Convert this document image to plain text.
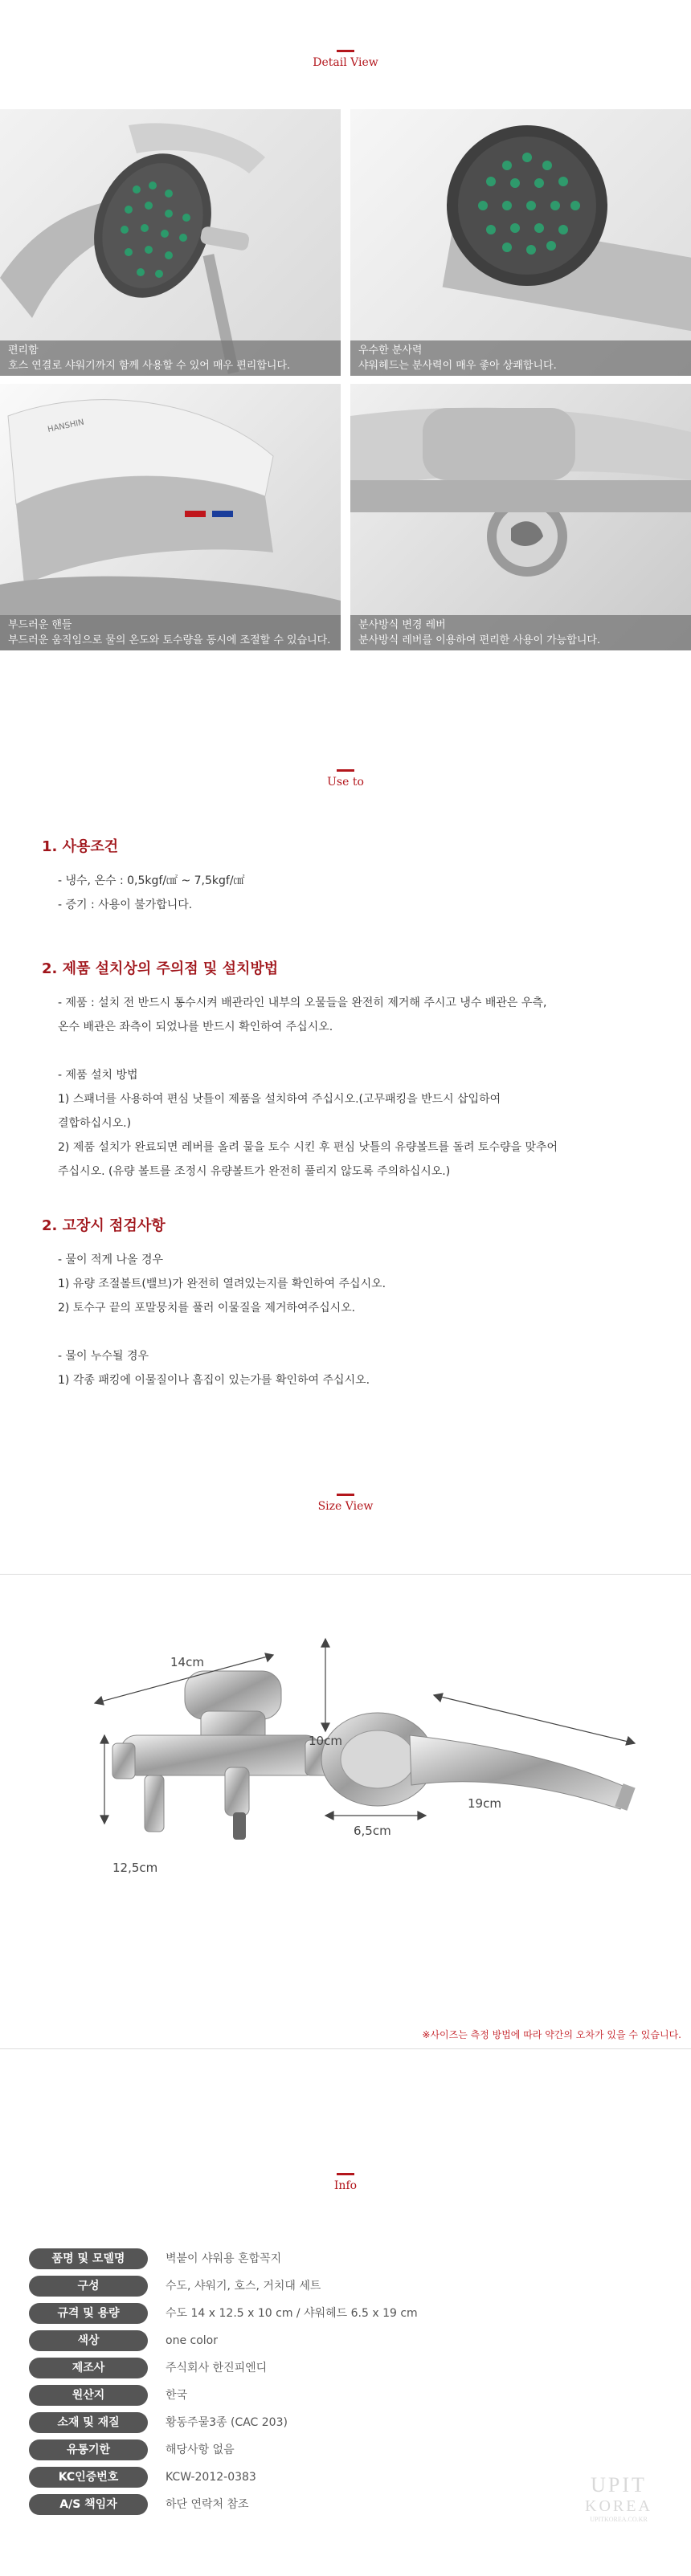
Detail View
편리함
호스 연결로 샤워기까지 함께 사용할 수 있어 매우 편리합니다.
우수한 분사력
샤워헤드는 분사력이 매우 좋아 상쾌합니다.
HANSHIN
부드러운 핸들
부드러운 움직임으로 물의 온도와 토수량을 동시에 조절할 수 있습니다.
분사방식 변경 레버
분사방식 레버를 이용하여 편리한 사용이 가능합니다.
Use to
1. 사용조건

- 냉수, 온수 : 0,5kgf/㎠ ~ 7,5kgf/㎠

- 증기 : 사용이 불가합니다.

2. 제품 설치상의 주의점 및 설치방법

- 제품 : 설치 전 반드시 통수시켜 배관라인 내부의 오물들을 완전히 제거해 주시고 냉수 배관은 우측,

온수 배관은 좌측이 되었나를 반드시 확인하여 주십시오.

- 제품 설치 방법

1) 스패너를 사용하여 편심 낫틀이 제품을 설치하여 주십시오.(고무패킹을 반드시 삽입하여

결합하십시오.)

2) 제품 설치가 완료되면 레버를 올려 물을 토수 시킨 후 편심 낫틀의 유량볼트를 돌려 토수량을 맞추어

주십시오. (유량 볼트를 조정시 유량볼트가 완전히 풀리지 않도록 주의하십시오.)

2. 고장시 점검사항

- 물이 적게 나올 경우

1) 유량 조절볼트(밸브)가 완전히 열려있는지를 확인하여 주십시오.

2) 토수구 끝의 포말뭉치를 풀러 이물질을 제거하여주십시오.

- 물이 누수될 경우

1) 각종 패킹에 이물질이나 흠집이 있는가를 확인하여 주십시오.

Size View
14cm
10cm
12,5cm
6,5cm
19cm
※사이즈는 측정 방법에 따라 약간의 오차가 있을 수 있습니다.
Info
품명 및 모델명	벽붙이 샤워용 혼합꼭지
구성	수도, 샤워기, 호스, 거치대 세트
규격 및 용량	수도 14 x 12.5 x 10 cm / 샤워헤드 6.5 x 19 cm
색상	one color
제조사	주식회사 한진피엔디
원산지	한국
소재 및 재질	황동주물3종 (CAC 203)
유통기한	해당사항 없음
KC인증번호	KCW-2012-0383
A/S 책임자	하단 연락처 참조
UPIT
KOREA
UPITKOREA.CO.KR
